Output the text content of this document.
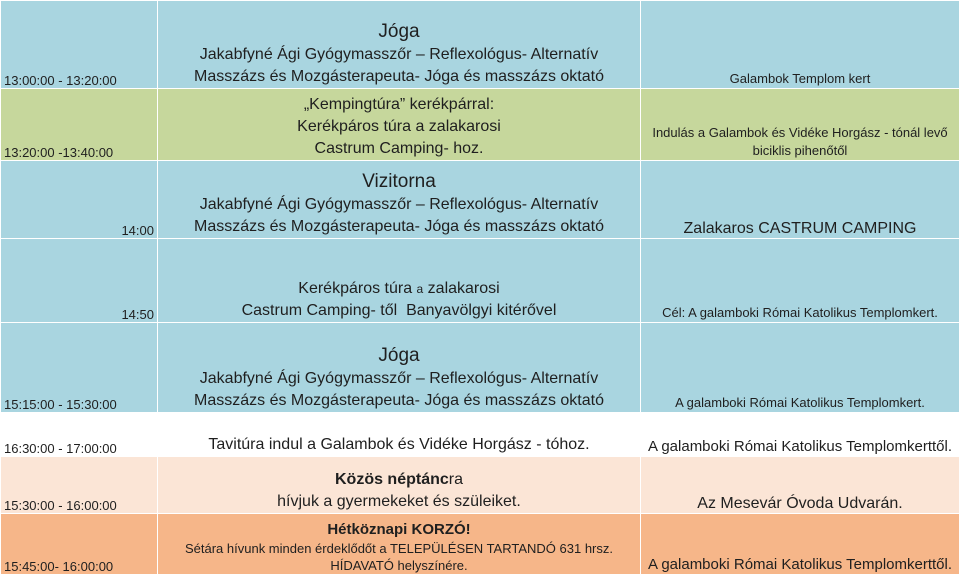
13:00:00 - 13:20:00	Jóga
Jakabfyné Ági Gyógymasszőr – Reflexológus- Alternatív
Masszázs és Mozgásterapeuta- Jóga és masszázs oktató	Galambok Templom kert
13:20:00 -13:40:00	„Kempingtúra” kerékpárral:
Kerékpáros túra a zalakarosi
Castrum Camping- hoz.	Indulás a Galambok és Vidéke Horgász - tónál levő
biciklis pihenőtől

14:00	Vizitorna
Jakabfyné Ági Gyógymasszőr – Reflexológus- Alternatív
Masszázs és Mozgásterapeuta- Jóga és masszázs oktató	Zalakaros CASTRUM CAMPING
14:50	Kerékpáros túra a zalakarosi
Castrum Camping- től  Banyavölgyi kitérővel	Cél: A galamboki Római Katolikus Templomkert.
15:15:00 - 15:30:00	Jóga
Jakabfyné Ági Gyógymasszőr – Reflexológus- Alternatív
Masszázs és Mozgásterapeuta- Jóga és masszázs oktató	A galamboki Római Katolikus Templomkert.
16:30:00 - 17:00:00	Tavitúra indul a Galambok és Vidéke Horgász - tóhoz.	A galamboki Római Katolikus Templomkerttől.
15:30:00 - 16:00:00	Közös néptáncra
hívjuk a gyermekeket és szüleiket.	Az Mesevár Óvoda Udvarán.
15:45:00- 16:00:00	Hétköznapi KORZÓ!
Sétára hívunk minden érdeklődőt a TELEPÜLÉSEN TARTANDÓ 631 hrsz.
HÍDAVATÓ helyszínére.	A galamboki Római Katolikus Templomkerttől.
